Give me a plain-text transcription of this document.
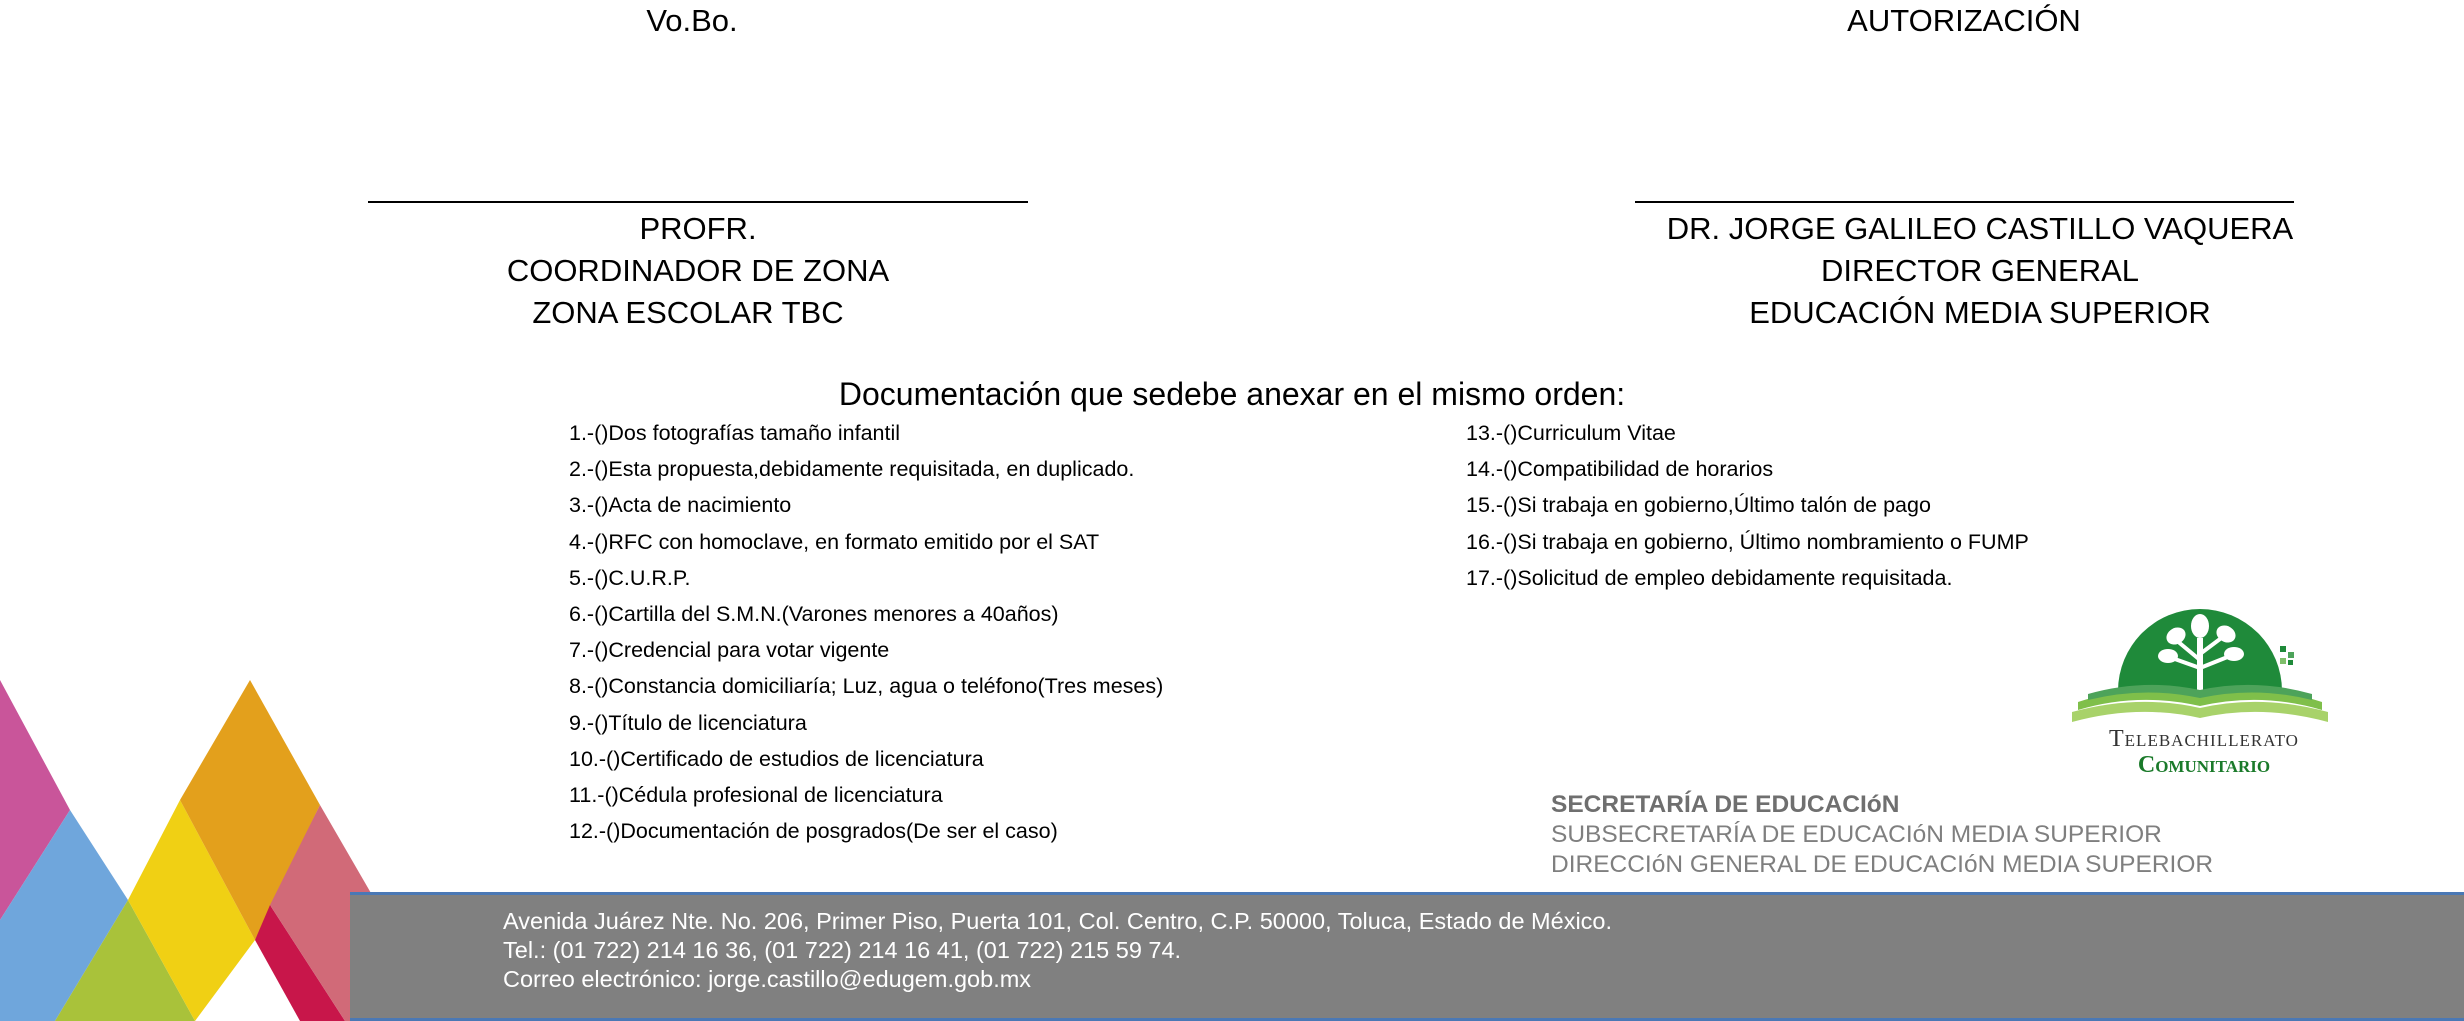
Vo.Bo.
PROFR.
COORDINADOR DE ZONA
ZONA ESCOLAR TBC
AUTORIZACIÓN
DR. JORGE GALILEO CASTILLO VAQUERA
DIRECTOR GENERAL
EDUCACIÓN MEDIA SUPERIOR
Documentación que sedebe anexar en el mismo orden:
1.-()Dos fotografías tamaño infantil
2.-()Esta propuesta,debidamente requisitada, en duplicado.
3.-()Acta de nacimiento
4.-()RFC con homoclave, en formato emitido por el SAT
5.-()C.U.R.P.
6.-()Cartilla del S.M.N.(Varones menores a 40años)
7.-()Credencial para votar vigente
8.-()Constancia domiciliaría; Luz, agua o teléfono(Tres meses)
9.-()Título de licenciatura
10.-()Certificado de estudios de licenciatura
11.-()Cédula profesional de licenciatura
12.-()Documentación de posgrados(De ser el caso)
13.-()Curriculum Vitae
14.-()Compatibilidad de horarios
15.-()Si trabaja en gobierno,Último talón de pago
16.-()Si trabaja en gobierno, Último nombramiento o FUMP
17.-()Solicitud de empleo debidamente requisitada.
Telebachillerato
Comunitario
SECRETARÍA DE EDUCACIóN
SUBSECRETARÍA DE EDUCACIóN MEDIA SUPERIOR
DIRECCIóN GENERAL DE EDUCACIóN MEDIA SUPERIOR
Avenida Juárez Nte. No. 206, Primer Piso, Puerta 101, Col. Centro, C.P. 50000, Toluca, Estado de México.
Tel.: (01 722) 214 16 36, (01 722) 214 16 41, (01 722) 215 59 74.
Correo electrónico: jorge.castillo@edugem.gob.mx
